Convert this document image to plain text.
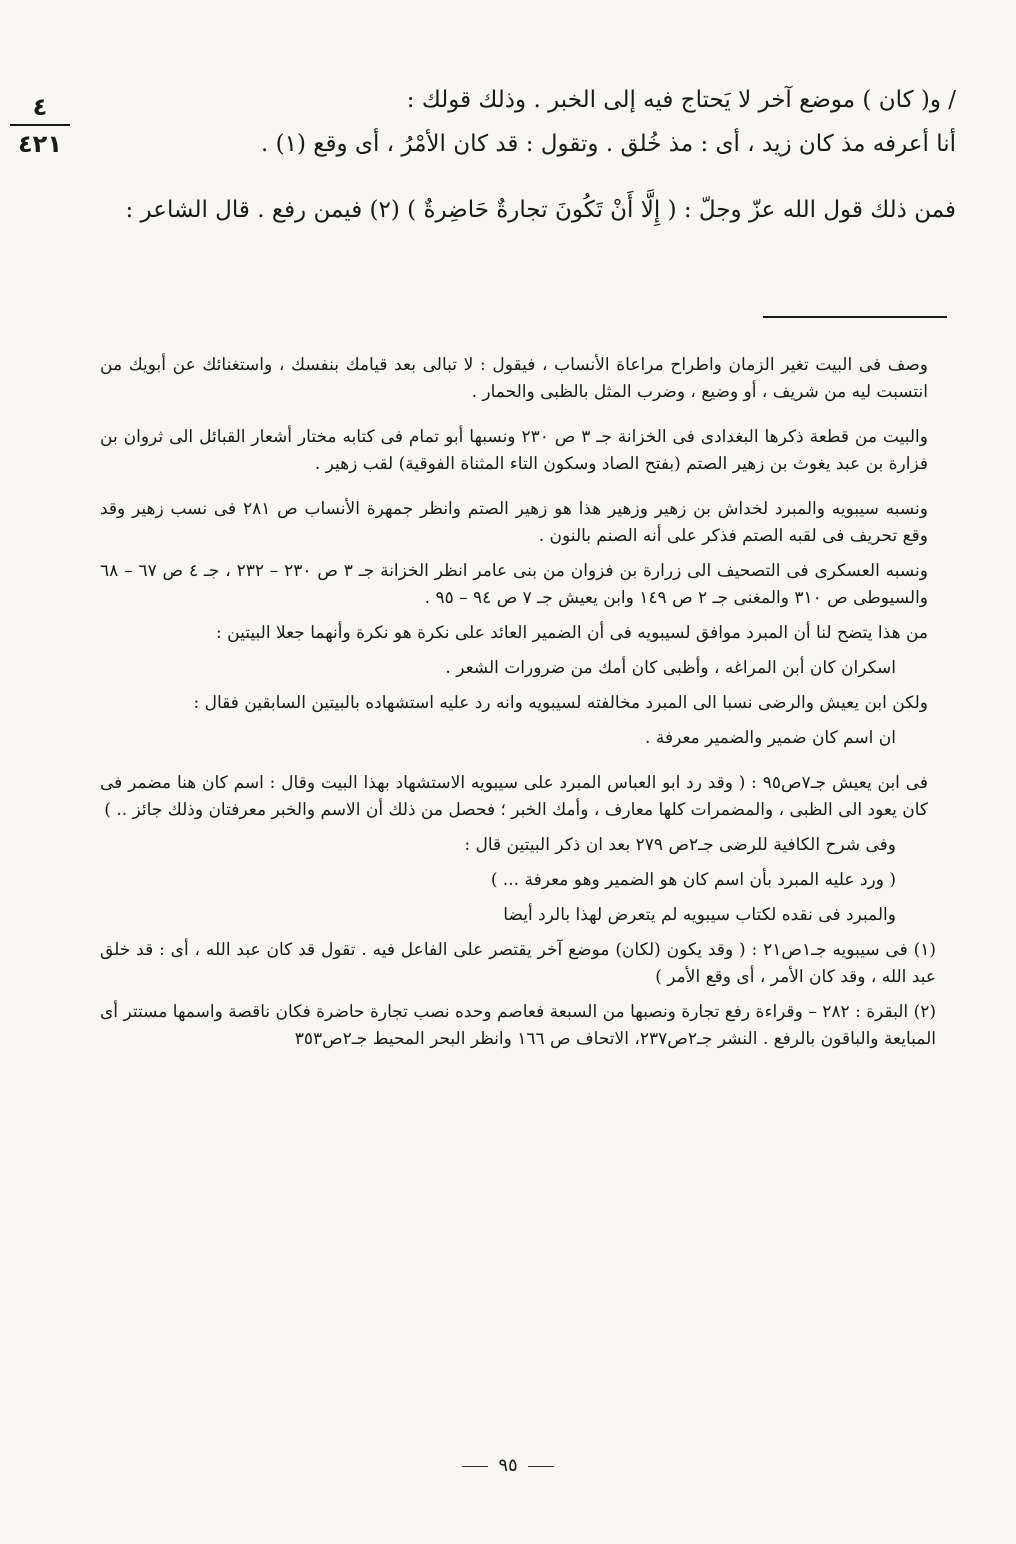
٤
٤٢١

/ و( كان ) موضع آخر لا يَحتاج فيه إلى الخبر . وذلك قولك :

أنا أعرفه مذ كان زيد ، أى : مذ خُلق . وتقول : قد كان الأمْرُ ، أى وقع (١) .

فمن ذلك قول الله عزّ وجلّ : ( إِلَّا أَنْ تَكُونَ تجارةٌ حَاضِرةٌ ) (٢) فيمن رفع . قال الشاعر :

وصف فى البيت تغير الزمان واطراح مراعاة الأنساب ، فيقول : لا تبالى بعد قيامك بنفسك ، واستغنائك عن أبويك من انتسبت ليه من شريف ، أو وضيع ، وضرب المثل بالظبى والحمار .

والبيت من قطعة ذكرها البغدادى فى الخزانة جـ ٣ ص ٢٣٠ ونسبها أبو تمام فى كتابه مختار أشعار القبائل الى ثروان بن فزارة بن عبد يغوث بن زهير الصتم (بفتح الصاد وسكون التاء المثناة الفوقية) لقب زهير .

ونسبه سيبويه والمبرد لخداش بن زهير وزهير هذا هو زهير الصتم وانظر جمهرة الأنساب ص ٢٨١ فى نسب زهير وقد وقع تحريف فى لقبه الصتم فذكر على أنه الصنم بالنون .

ونسبه العسكرى فى التصحيف الى زرارة بن فزوان من بنى عامر انظر الخزانة جـ ٣ ص ٢٣٠ – ٢٣٢ ، جـ ٤ ص ٦٧ – ٦٨ والسيوطى ص ٣١٠ والمغنى جـ ٢ ص ١٤٩ وابن يعيش جـ ٧ ص ٩٤ – ٩٥ .

من هذا يتضح لنا أن المبرد موافق لسيبويه فى أن الضمير العائد على نكرة هو نكرة وأنهما جعلا البيتين :

اسكران كان أبن المراغه ، وأظبى كان أمك من ضرورات الشعر .

ولكن ابن يعيش والرضى نسبا الى المبرد مخالفته لسيبويه وانه رد عليه استشهاده بالبيتين السابقين فقال :

ان اسم كان ضمير والضمير معرفة .

فى ابن يعيش جـ٧ص٩٥ : ( وقد رد ابو العباس المبرد على سيبويه الاستشهاد بهذا البيت وقال : اسم كان هنا مضمر فى كان يعود الى الظبى ، والمضمرات كلها معارف ، وأمك الخبر ؛ فحصل من ذلك أن الاسم والخبر معرفتان وذلك جائز .. )

وفى شرح الكافية للرضى جـ٢ص ٢٧٩ بعد ان ذكر البيتين قال :

( ورد عليه المبرد بأن اسم كان هو الضمير وهو معرفة ... )

والمبرد فى نقده لكتاب سيبويه لم يتعرض لهذا بالرد أيضا

(١) فى سيبويه جـ١ص٢١ : ( وقد يكون (لكان) موضع آخر يقتصر على الفاعل فيه . تقول قد كان عبد الله ، أى : قد خلق عبد الله ، وقد كان الأمر ، أى وقع الأمر )

(٢) البقرة : ٢٨٢ – وقراءة رفع تجارة ونصبها من السبعة فعاصم وحده نصب تجارة حاضرة فكان ناقصة واسمها مستتر أى المبايعة والباقون بالرفع . النشر جـ٢ص٢٣٧، الاتحاف ص ١٦٦ وانظر البحر المحيط جـ٢ص٣٥٣

٩٥
